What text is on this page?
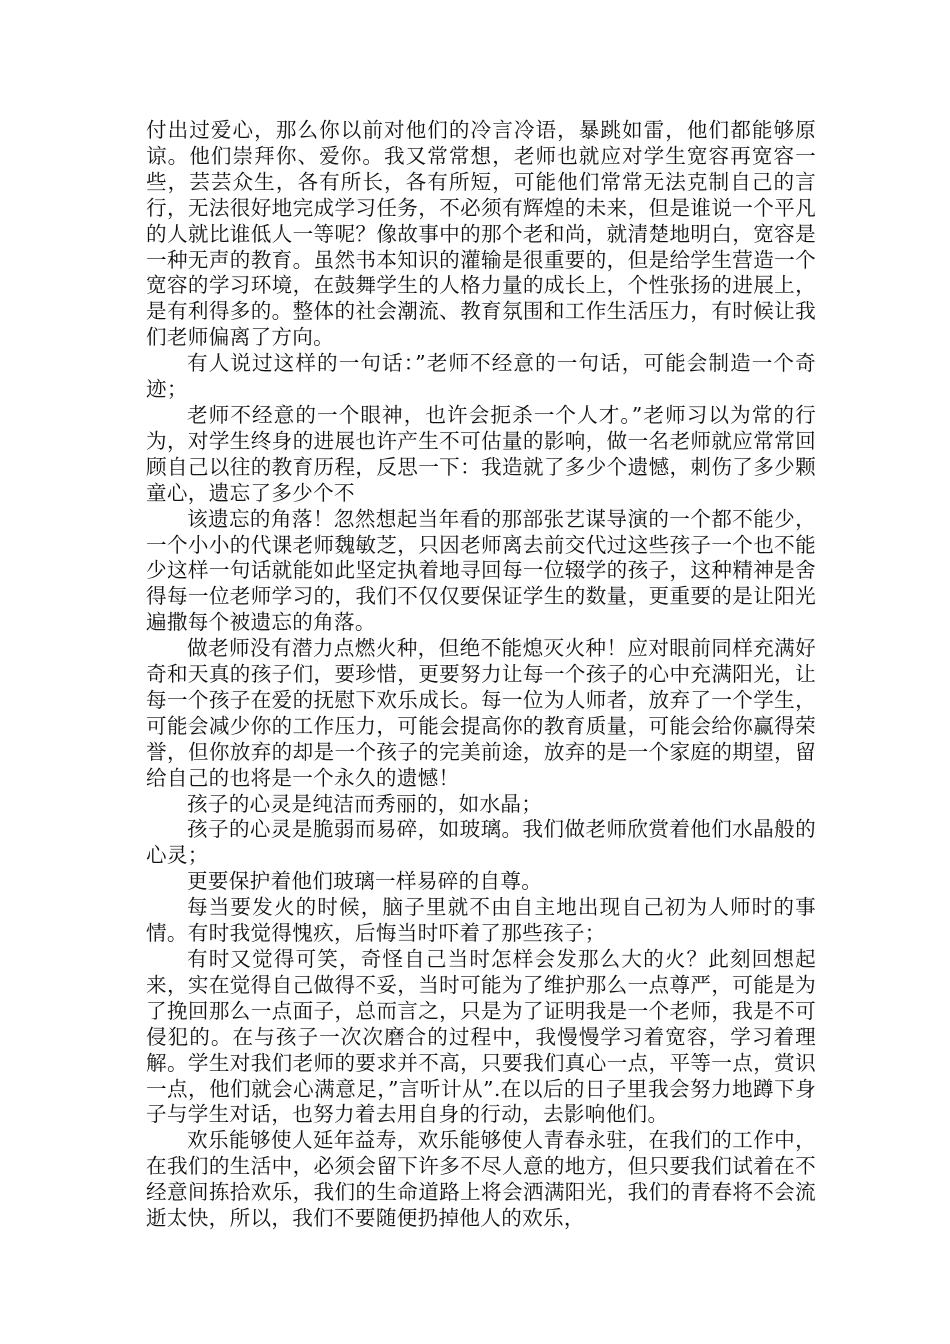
付出过爱心，那么你以前对他们的冷言冷语，暴跳如雷，他们都能够原谅。他们崇拜你、爱你。我又常常想，老师也就应对学生宽容再宽容一些，芸芸众生，各有所长，各有所短，可能他们常常无法克制自己的言行，无法很好地完成学习任务，不必须有辉煌的未来，但是谁说一个平凡的人就比谁低人一等呢？像故事中的那个老和尚，就清楚地明白，宽容是一种无声的教育。虽然书本知识的灌输是很重要的，但是给学生营造一个宽容的学习环境，在鼓舞学生的人格力量的成长上，个性张扬的进展上，是有利得多的。整体的社会潮流、教育氛围和工作生活压力，有时候让我们老师偏离了方向。

有人说过这样的一句话：”老师不经意的一句话，可能会制造一个奇迹；

老师不经意的一个眼神，也许会扼杀一个人才。”老师习以为常的行为，对学生终身的进展也许产生不可估量的影响，做一名老师就应常常回顾自己以往的教育历程，反思一下：我造就了多少个遗憾，刺伤了多少颗童心，遗忘了多少个不

该遗忘的角落！忽然想起当年看的那部张艺谋导演的一个都不能少，一个小小的代课老师魏敏芝，只因老师离去前交代过这些孩子一个也不能少这样一句话就能如此坚定执着地寻回每一位辍学的孩子，这种精神是舍得每一位老师学习的，我们不仅仅要保证学生的数量，更重要的是让阳光遍撒每个被遗忘的角落。

做老师没有潜力点燃火种，但绝不能熄灭火种！应对眼前同样充满好奇和天真的孩子们，要珍惜，更要努力让每一个孩子的心中充满阳光，让每一个孩子在爱的抚慰下欢乐成长。每一位为人师者，放弃了一个学生，可能会减少你的工作压力，可能会提高你的教育质量，可能会给你赢得荣誉，但你放弃的却是一个孩子的完美前途，放弃的是一个家庭的期望，留给自己的也将是一个永久的遗憾！

孩子的心灵是纯洁而秀丽的，如水晶；

孩子的心灵是脆弱而易碎，如玻璃。我们做老师欣赏着他们水晶般的心灵；

更要保护着他们玻璃一样易碎的自尊。

每当要发火的时候，脑子里就不由自主地出现自己初为人师时的事情。有时我觉得愧疚，后悔当时吓着了那些孩子；

有时又觉得可笑，奇怪自己当时怎样会发那么大的火？此刻回想起来，实在觉得自己做得不妥，当时可能为了维护那么一点尊严，可能是为了挽回那么一点面子，总而言之，只是为了证明我是一个老师，我是不可侵犯的。在与孩子一次次磨合的过程中，我慢慢学习着宽容，学习着理解。学生对我们老师的要求并不高，只要我们真心一点，平等一点，赏识一点，他们就会心满意足，”言听计从”.在以后的日子里我会努力地蹲下身子与学生对话，也努力着去用自身的行动，去影响他们。

欢乐能够使人延年益寿，欢乐能够使人青春永驻，在我们的工作中，在我们的生活中，必须会留下许多不尽人意的地方，但只要我们试着在不经意间拣拾欢乐，我们的生命道路上将会洒满阳光，我们的青春将不会流逝太快，所以，我们不要随便扔掉他人的欢乐，
